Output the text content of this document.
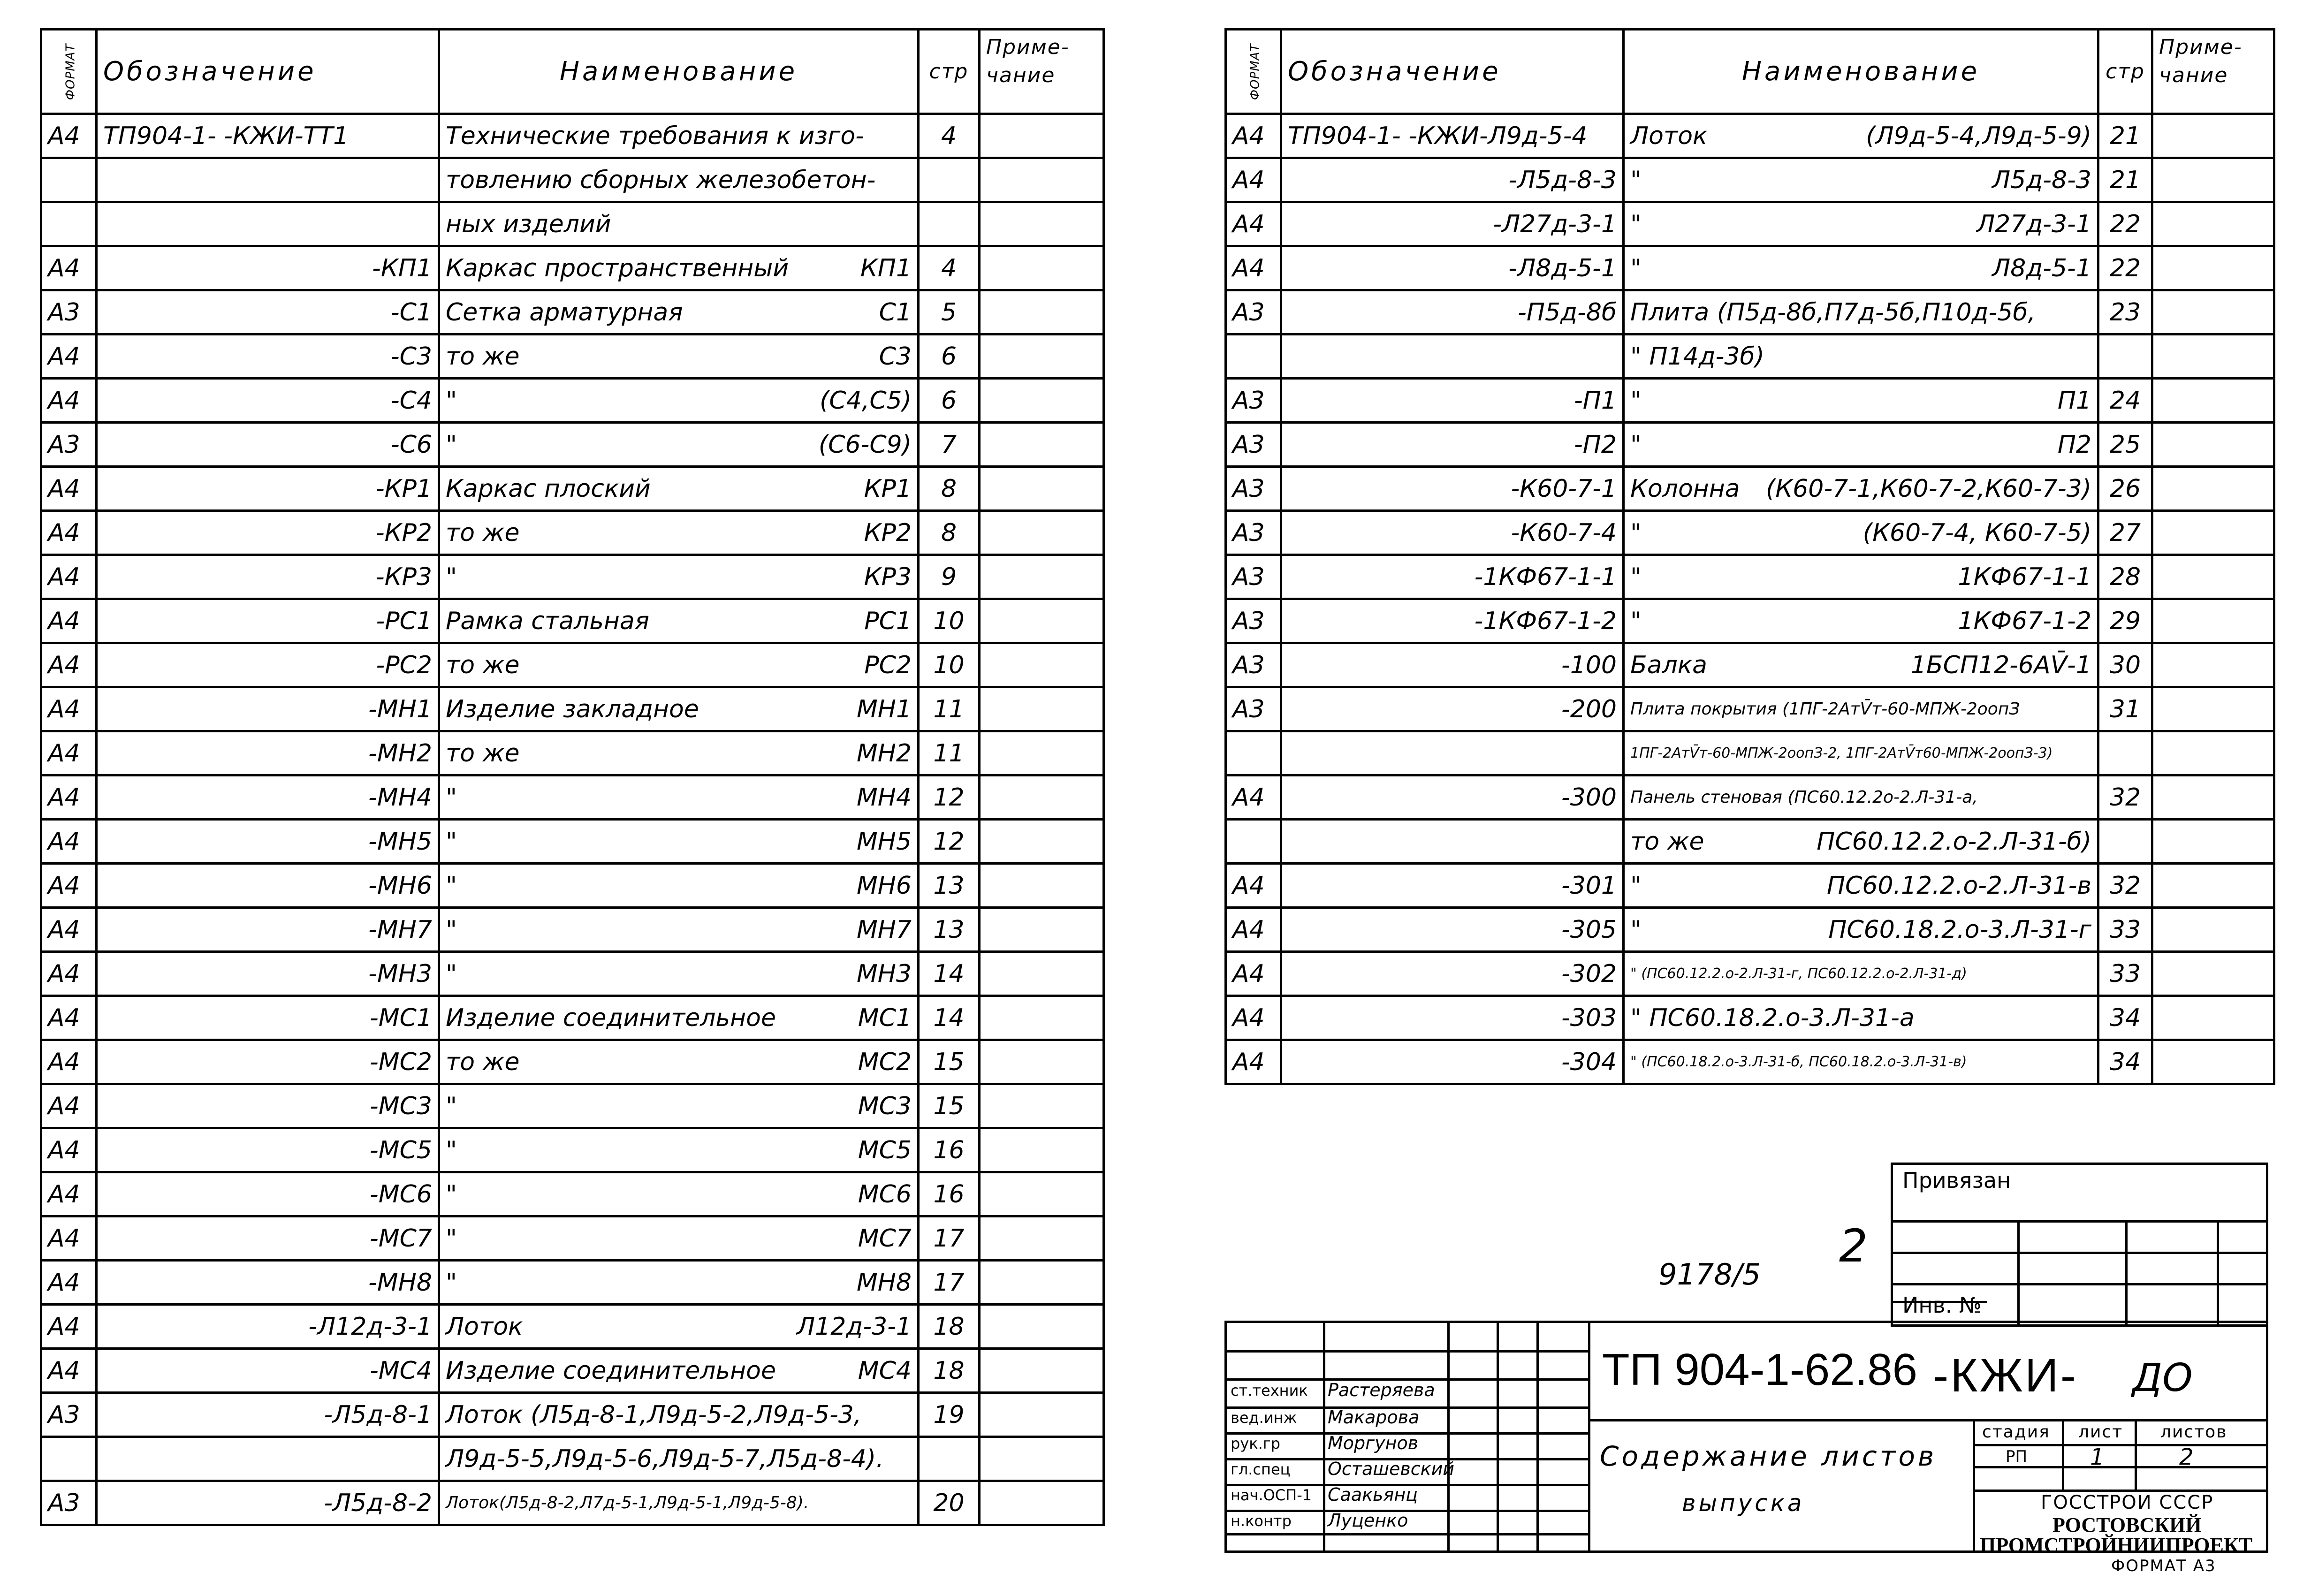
ФОРМАТ	Обозначение	Наименование	стр	Приме-
чание
А4	ТП904-1- -КЖИ-ТТ1	Технические требования к изго-	4	

		товлению сборных железобетон-		

		ных изделий		

А4	-КП1	Каркас пространственный КП1	4	
А3	-С1	Сетка арматурная С1	5	
А4	-С3	то же С3	6	
А4	-С4	" (С4,С5)	6	
А3	-С6	" (С6-С9)	7	
А4	-КР1	Каркас плоский КР1	8	
А4	-КР2	то же КР2	8	
А4	-КР3	" КР3	9	
А4	-РС1	Рамка стальная РС1	10	
А4	-РС2	то же РС2	10	
А4	-МН1	Изделие закладное МН1	11	
А4	-МН2	то же МН2	11	
А4	-МН4	" МН4	12	
А4	-МН5	" МН5	12	
А4	-МН6	" МН6	13	
А4	-МН7	" МН7	13	
А4	-МН3	" МН3	14	
А4	-МС1	Изделие соединительное МС1	14	
А4	-МС2	то же МС2	15	
А4	-МС3	" МС3	15	
А4	-МС5	" МС5	16	
А4	-МС6	" МС6	16	
А4	-МС7	" МС7	17	
А4	-МН8	" МН8	17	
А4	-Л12д-3-1	Лоток Л12д-3-1	18	
А4	-МС4	Изделие соединительное МС4	18	
А3	-Л5д-8-1	Лоток (Л5д-8-1,Л9д-5-2,Л9д-5-3,	19	

		Л9д-5-5,Л9д-5-6,Л9д-5-7,Л5д-8-4).		

А3	-Л5д-8-2	Лоток(Л5д-8-2,Л7д-5-1,Л9д-5-1,Л9д-5-8).	20	
ФОРМАТ	Обозначение	Наименование	стр	Приме-
чание
А4	ТП904-1- -КЖИ-Л9д-5-4	Лоток (Л9д-5-4,Л9д-5-9)	21	
А4	-Л5д-8-3	" Л5д-8-3	21	
А4	-Л27д-3-1	" Л27д-3-1	22	
А4	-Л8д-5-1	" Л8д-5-1	22	
А3	-П5д-8б	Плита (П5д-8б,П7д-5б,П10д-5б,	23	

		" П14д-3б)		

А3	-П1	" П1	24	
А3	-П2	" П2	25	
А3	-К60-7-1	Колонна (К60-7-1,К60-7-2,К60-7-3)	26	
А3	-К60-7-4	" (К60-7-4, К60-7-5)	27	
А3	-1КФ67-1-1	" 1КФ67-1-1	28	
А3	-1КФ67-1-2	" 1КФ67-1-2	29	
А3	-100	Балка 1БСП12-6АV̄-1	30	
А3	-200	Плита покрытия (1ПГ-2АтV̄т-60-МПЖ-2оопЗ	31	

		1ПГ-2АтV̄т-60-МПЖ-2оопЗ-2, 1ПГ-2АтV̄т60-МПЖ-2оопЗ-3)		

А4	-300	Панель стеновая (ПС60.12.2о-2.Л-31-а,	32	

		то же ПС60.12.2.о-2.Л-31-б)		

А4	-301	" ПС60.12.2.о-2.Л-31-в	32	
А4	-305	" ПС60.18.2.о-3.Л-31-г	33	
А4	-302	" (ПС60.12.2.о-2.Л-31-г, ПС60.12.2.о-2.Л-31-д)	33	
А4	-303	" ПС60.18.2.о-3.Л-31-а	34	
А4	-304	" (ПС60.18.2.о-3.Л-31-б, ПС60.18.2.о-3.Л-31-в)	34	
Привязан
Инв. №
2
9178/5
ст.техник Растеряева
вед.инж Макарова
рук.гр	Моргунов
гл.спец Осташевский
нач.ОСП-1 Саакьянц
н.контр Луценко
ТП 904-1-62.86 -КЖИ- ДО
Содержание листов
выпуска
стадия лист листов
РП	1	2
ГОССТРОИ СССР
РОСТОВСКИЙ
ПРОМСТРОЙНИИПРОЕКТ
ФОРМАТ А3
